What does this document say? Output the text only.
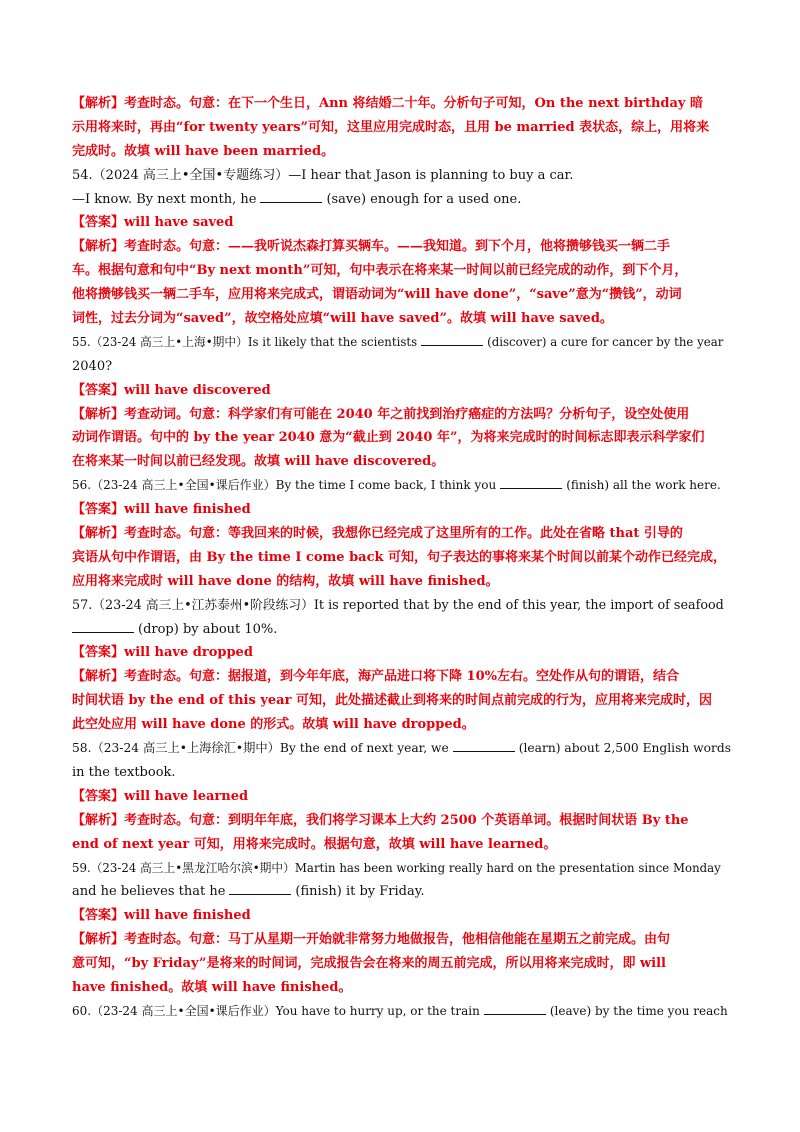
【解析】考查时态。句意：在下一个生日，Ann 将结婚二十年。分析句子可知，On the next birthday 暗
示用将来时，再由“for twenty years”可知，这里应用完成时态，且用 be married 表状态，综上，用将来
完成时。故填 will have been married。
54.（2024 高三上•全国•专题练习）—I hear that Jason is planning to buy a car.
—I know. By next month, he	(save) enough for a used one.
【答案】will have saved
【解析】考查时态。句意：——我听说杰森打算买辆车。——我知道。到下个月，他将攒够钱买一辆二手
车。根据句意和句中“By next month”可知，句中表示在将来某一时间以前已经完成的动作，到下个月，
他将攒够钱买一辆二手车，应用将来完成式，谓语动词为“will have done”，“save”意为“攒钱”，动词
词性，过去分词为“saved”，故空格处应填“will have saved”。故填 will have saved。
55.（23-24 高三上•上海•期中）Is it likely that the scientists	(discover) a cure for cancer by the year
2040?
【答案】will have discovered
【解析】考查动词。句意：科学家们有可能在 2040 年之前找到治疗癌症的方法吗？分析句子，设空处使用
动词作谓语。句中的 by the year 2040 意为“截止到 2040 年”，为将来完成时的时间标志即表示科学家们
在将来某一时间以前已经发现。故填 will have discovered。
56.（23-24 高三上•全国•课后作业）By the time I come back, I think you	(finish) all the work here.
【答案】will have finished
【解析】考查时态。句意：等我回来的时候，我想你已经完成了这里所有的工作。此处在省略 that 引导的
宾语从句中作谓语，由 By the time I come back 可知，句子表达的事将来某个时间以前某个动作已经完成，
应用将来完成时 will have done 的结构，故填 will have finished。
57.（23-24 高三上•江苏泰州•阶段练习）It is reported that by the end of this year, the import of seafood
(drop) by about 10%.
【答案】will have dropped
【解析】考查时态。句意：据报道，到今年年底，海产品进口将下降 10%左右。空处作从句的谓语，结合
时间状语 by the end of this year 可知，此处描述截止到将来的时间点前完成的行为，应用将来完成时，因
此空处应用 will have done 的形式。故填 will have dropped。
58.（23-24 高三上•上海徐汇•期中）By the end of next year, we	(learn) about 2,500 English words
in the textbook.
【答案】will have learned
【解析】考查时态。句意：到明年年底，我们将学习课本上大约 2500 个英语单词。根据时间状语 By the
end of next year 可知，用将来完成时。根据句意，故填 will have learned。
59.（23-24 高三上•黑龙江哈尔滨•期中）Martin has been working really hard on the presentation since Monday
and he believes that he	(finish) it by Friday.
【答案】will have finished
【解析】考查时态。句意：马丁从星期一开始就非常努力地做报告，他相信他能在星期五之前完成。由句
意可知，“by Friday”是将来的时间词，完成报告会在将来的周五前完成，所以用将来完成时，即 will
have finished。故填 will have finished。
60.（23-24 高三上•全国•课后作业）You have to hurry up, or the train	(leave) by the time you reach
